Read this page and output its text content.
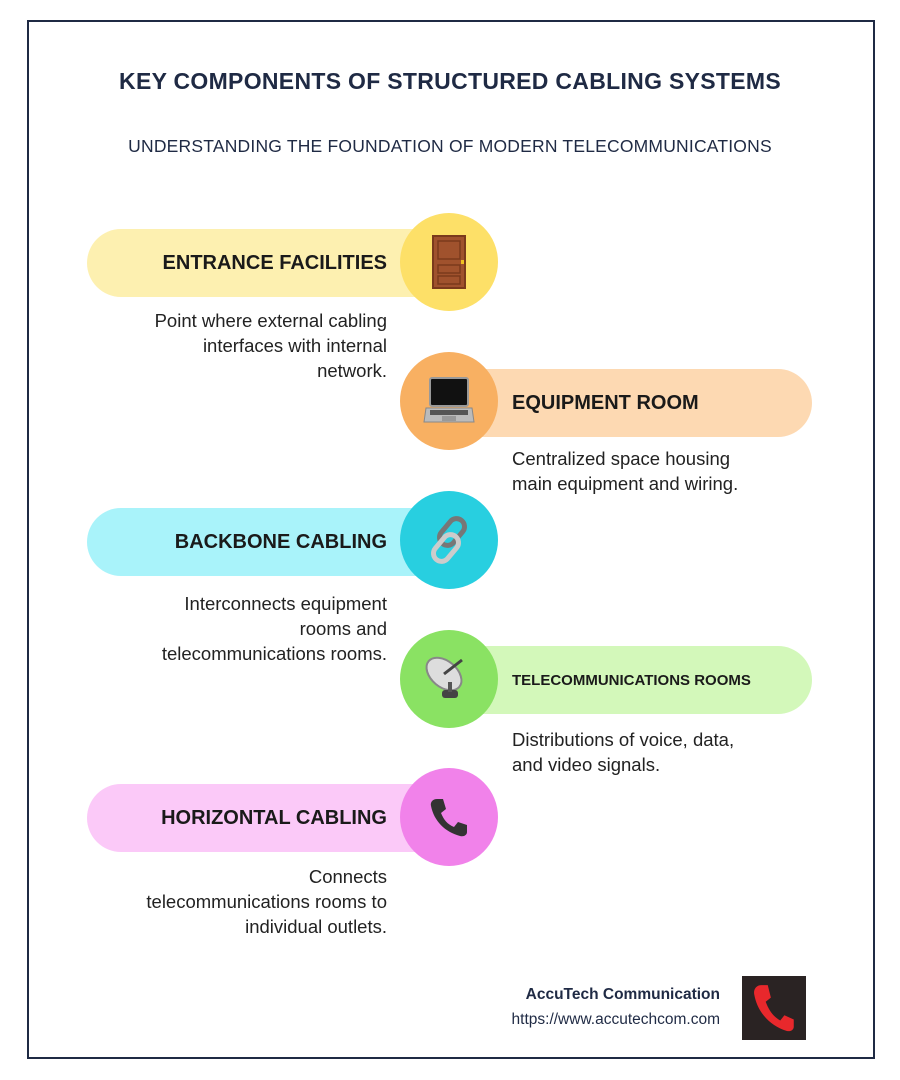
KEY COMPONENTS OF STRUCTURED CABLING SYSTEMS
UNDERSTANDING THE FOUNDATION OF MODERN TELECOMMUNICATIONS
ENTRANCE FACILITIES
Point where external cabling
interfaces with internal
network.
EQUIPMENT ROOM
Centralized space housing
main equipment and wiring.
BACKBONE CABLING
Interconnects equipment
rooms and
telecommunications rooms.
TELECOMMUNICATIONS ROOMS
Distributions of voice, data,
and video signals.
HORIZONTAL CABLING
Connects
telecommunications rooms to
individual outlets.
AccuTech Communication
https://www.accutechcom.com
